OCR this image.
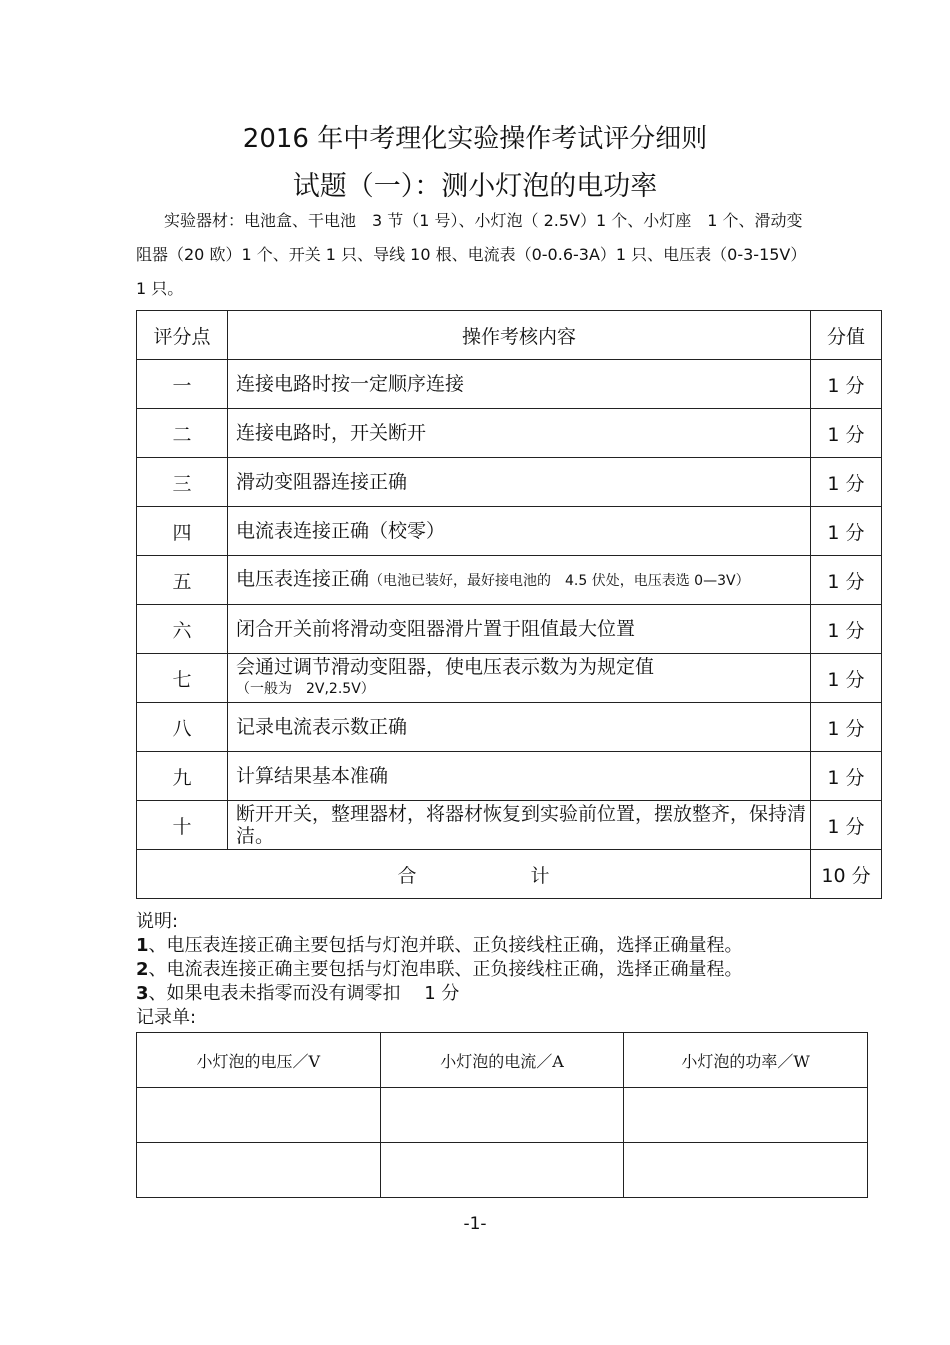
2016 年中考理化实验操作考试评分细则
试题（一）：测小灯泡的电功率
实验器材：电池盒、干电池　3 节（1 号）、小灯泡（ 2.5V）1 个、小灯座　1 个、滑动变
阻器（20 欧）1 个、开关 1 只、导线 10 根、电流表（0-0.6-3A）1 只、电压表（0-3-15V）
1 只。
评分点	操作考核内容	分值
一	连接电路时按一定顺序连接	1 分
二	连接电路时，开关断开	1 分
三	滑动变阻器连接正确	1 分
四	电流表连接正确（校零）	1 分
五	电压表连接正确（电池已装好，最好接电池的　4.5 伏处，电压表选 0—3V）	1 分
六	闭合开关前将滑动变阻器滑片置于阻值最大位置	1 分
七	会通过调节滑动变阻器，使电压表示数为为规定值
（一般为　2V,2.5V）	1 分
八	记录电流表示数正确	1 分
九	计算结果基本准确	1 分
十	断开开关，整理器材，将器材恢复到实验前位置，摆放整齐，保持清洁。	1 分
合　　　　　　计		10 分
说明:
1、电压表连接正确主要包括与灯泡并联、正负接线柱正确，选择正确量程。
2、电流表连接正确主要包括与灯泡串联、正负接线柱正确，选择正确量程。
3、如果电表未指零而没有调零扣　 1 分
记录单:
小灯泡的电压／V	小灯泡的电流／A	小灯泡的功率／W

-1-
